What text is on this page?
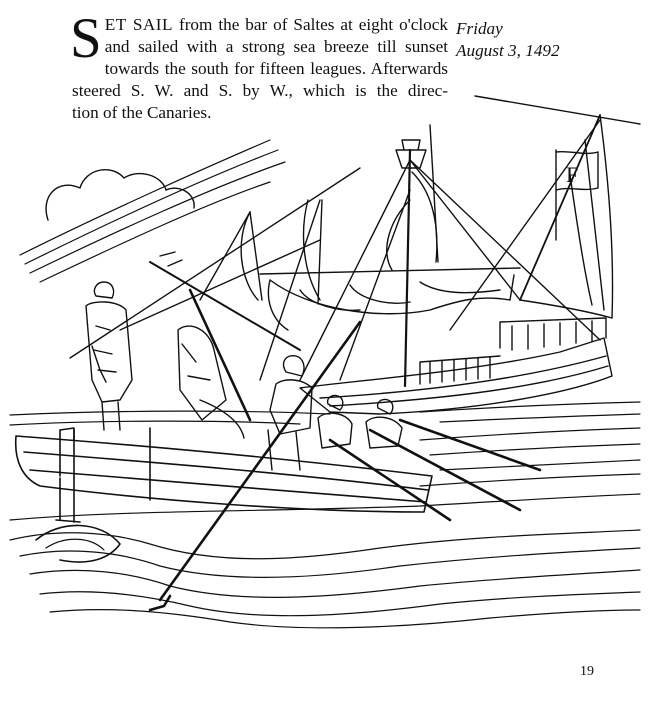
F
S ET SAIL from the bar of Saltes at eight o'clock
and sailed with a strong sea breeze till sunset
towards the south for fifteen leagues. Afterwards
steered S. W. and S. by W., which is the direc-
tion of the Canaries.
Friday
August 3, 1492
19
